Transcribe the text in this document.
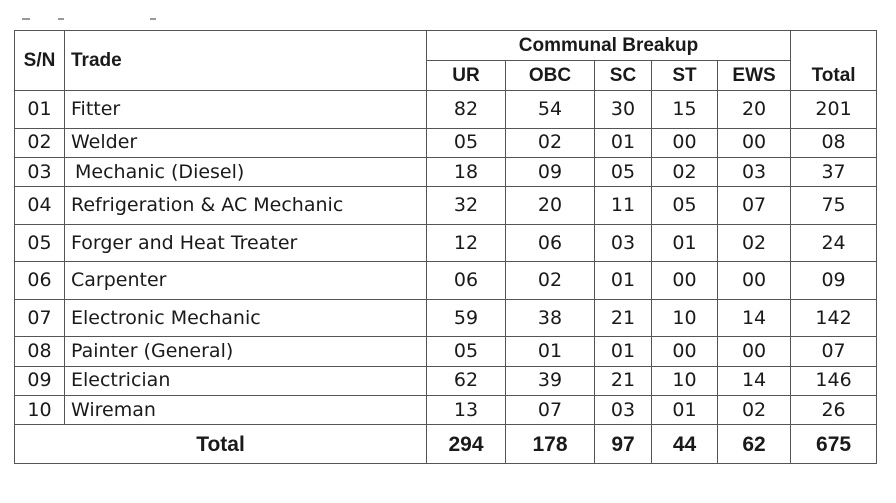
S/N	Trade	Communal Breakup					
		UR	OBC	SC	ST	EWS	Total
01	Fitter	82	54	30	15	20	201
02	Welder	05	02	01	00	00	08
03	Mechanic (Diesel)	18	09	05	02	03	37
04	Refrigeration & AC Mechanic	32	20	11	05	07	75
05	Forger and Heat Treater	12	06	03	01	02	24
06	Carpenter	06	02	01	00	00	09
07	Electronic Mechanic	59	38	21	10	14	142
08	Painter (General)	05	01	01	00	00	07
09	Electrician	62	39	21	10	14	146
10	Wireman	13	07	03	01	02	26
Total		294	178	97	44	62	675
